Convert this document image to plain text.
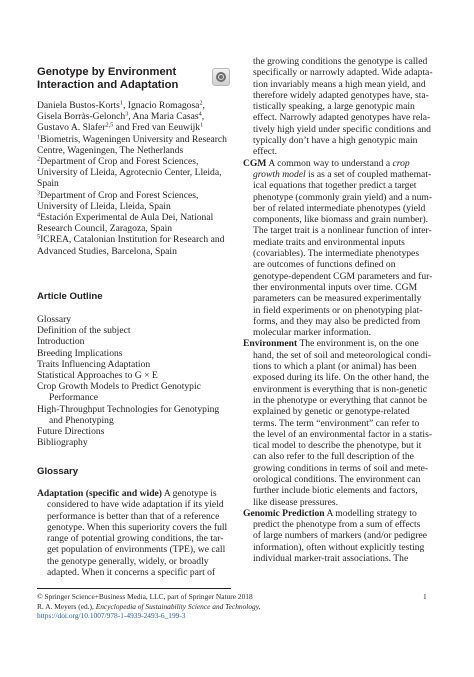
Genotype by Environment Interaction and Adaptation

Daniela Bustos-Korts$^1$, Ignacio Romagosa$^2$,

Gisela Borràs-Gelonch$^3$, Ana Maria Casas$^4$,

Gustavo A. Slafer$^{2,5}$ and Fred van Eeuwijk$^1$

$^1$Biometris, Wageningen University and Research
Centre, Wageningen, The Netherlands
$^2$Department of Crop and Forest Sciences,
University of Lleida, Agrotecnio Center, Lleida,
Spain
$^3$Department of Crop and Forest Sciences,
University of Lleida, Lleida, Spain
$^4$Estación Experimental de Aula Dei, National
Research Council, Zaragoza, Spain
$^5$ICREA, Catalonian Institution for Research and
Advanced Studies, Barcelona, Spain
Article Outline
Glossary
Definition of the subject
Introduction
Breeding Implications
Traits Influencing Adaptation
Statistical Approaches to G × E
Crop Growth Models to Predict Genotypic
Performance
High-Throughput Technologies for Genotyping
and Phenotyping
Future Directions
Bibliography
Glossary
Adaptation (specific and wide) A genotype is
considered to have wide adaptation if its yield
performance is better than that of a reference
genotype. When this superiority covers the full
range of potential growing conditions, the tar-
get population of environments (TPE), we call
the genotype generally, widely, or broadly
adapted. When it concerns a specific part of
the growing conditions the genotype is called
specifically or narrowly adapted. Wide adapta-
tion invariably means a high mean yield, and
therefore widely adapted genotypes have, sta-
tistically speaking, a large genotypic main
effect. Narrowly adapted genotypes have rela-
tively high yield under specific conditions and
typically don’t have a high genotypic main
effect.
CGM A common way to understand a crop
growth model is as a set of coupled mathemat-
ical equations that together predict a target
phenotype (commonly grain yield) and a num-
ber of related intermediate phenotypes (yield
components, like biomass and grain number).
The target trait is a nonlinear function of inter-
mediate traits and environmental inputs
(covariables). The intermediate phenotypes
are outcomes of functions defined on
genotype-dependent CGM parameters and fur-
ther environmental inputs over time. CGM
parameters can be measured experimentally
in field experiments or on phenotyping plat-
forms, and they may also be predicted from
molecular marker information.
Environment The environment is, on the one
hand, the set of soil and meteorological condi-
tions to which a plant (or animal) has been
exposed during its life. On the other hand, the
environment is everything that is non-genetic
in the phenotype or everything that cannot be
explained by genetic or genotype-related
terms. The term “environment” can refer to
the level of an environmental factor in a statis-
tical model to describe the phenotype, but it
can also refer to the full description of the
growing conditions in terms of soil and mete-
orological conditions. The environment can
further include biotic elements and factors,
like disease pressures.
Genomic Prediction A modelling strategy to
predict the phenotype from a sum of effects
of large numbers of markers (and/or pedigree
information), often without explicitly testing
individual marker-trait associations. The
© Springer Science+Business Media, LLC, part of Springer Nature 2018
R. A. Meyers (ed.), Encyclopedia of Sustainability Science and Technology,
https://doi.org/10.1007/978-1-4939-2493-6_199-3
1
